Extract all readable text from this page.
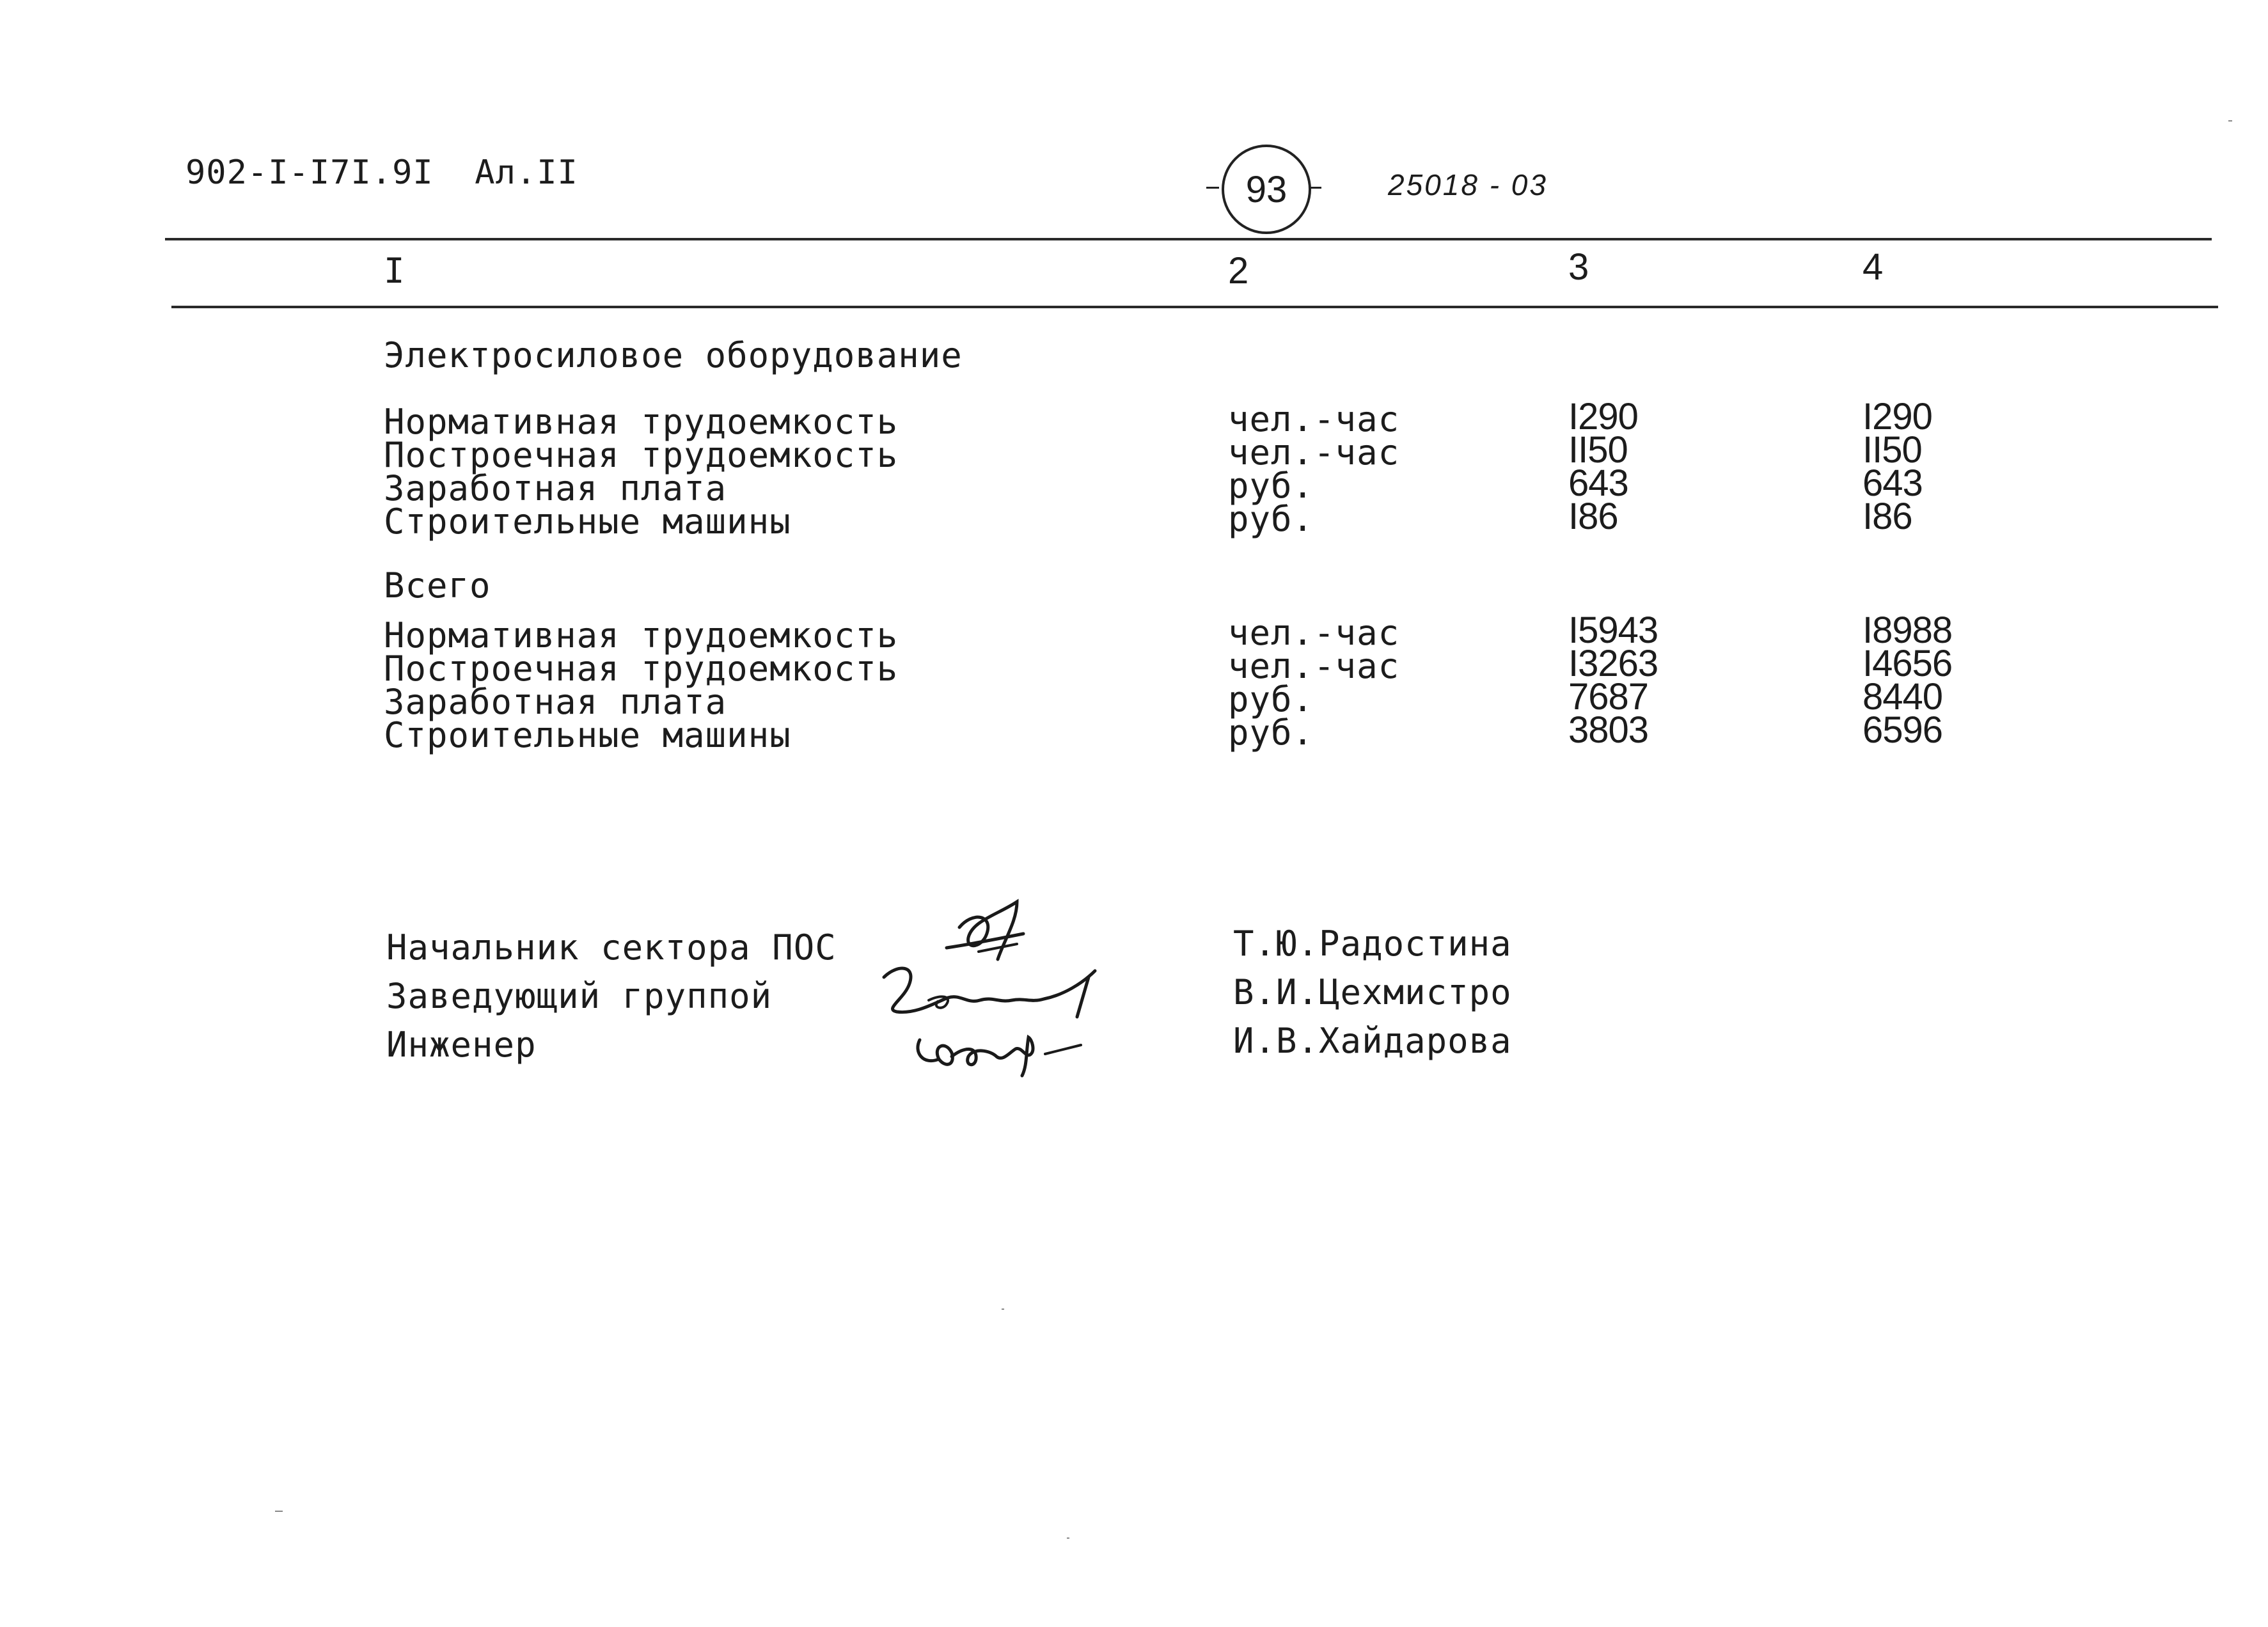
902-I-I7I.9I  Ал.II	93	25018 - 03
I	2	3	4
Электросиловое оборудование
Нормативная трудоемкость	чел.-час	I290	I290
Построечная трудоемкость	чел.-час	II50	II50
Заработная плата	руб.	643	643
Строительные машины	руб.	I86	I86
Всего
Нормативная трудоемкость	чел.-час	I5943	I8988
Построечная трудоемкость	чел.-час	I3263	I4656
Заработная плата	руб.	7687	8440
Строительные машины	руб.	3803	6596
Начальник сектора ПОС	Т.Ю.Радостина
Заведующий группой	В.И.Цехмистро
Инженер	И.В.Хайдарова
